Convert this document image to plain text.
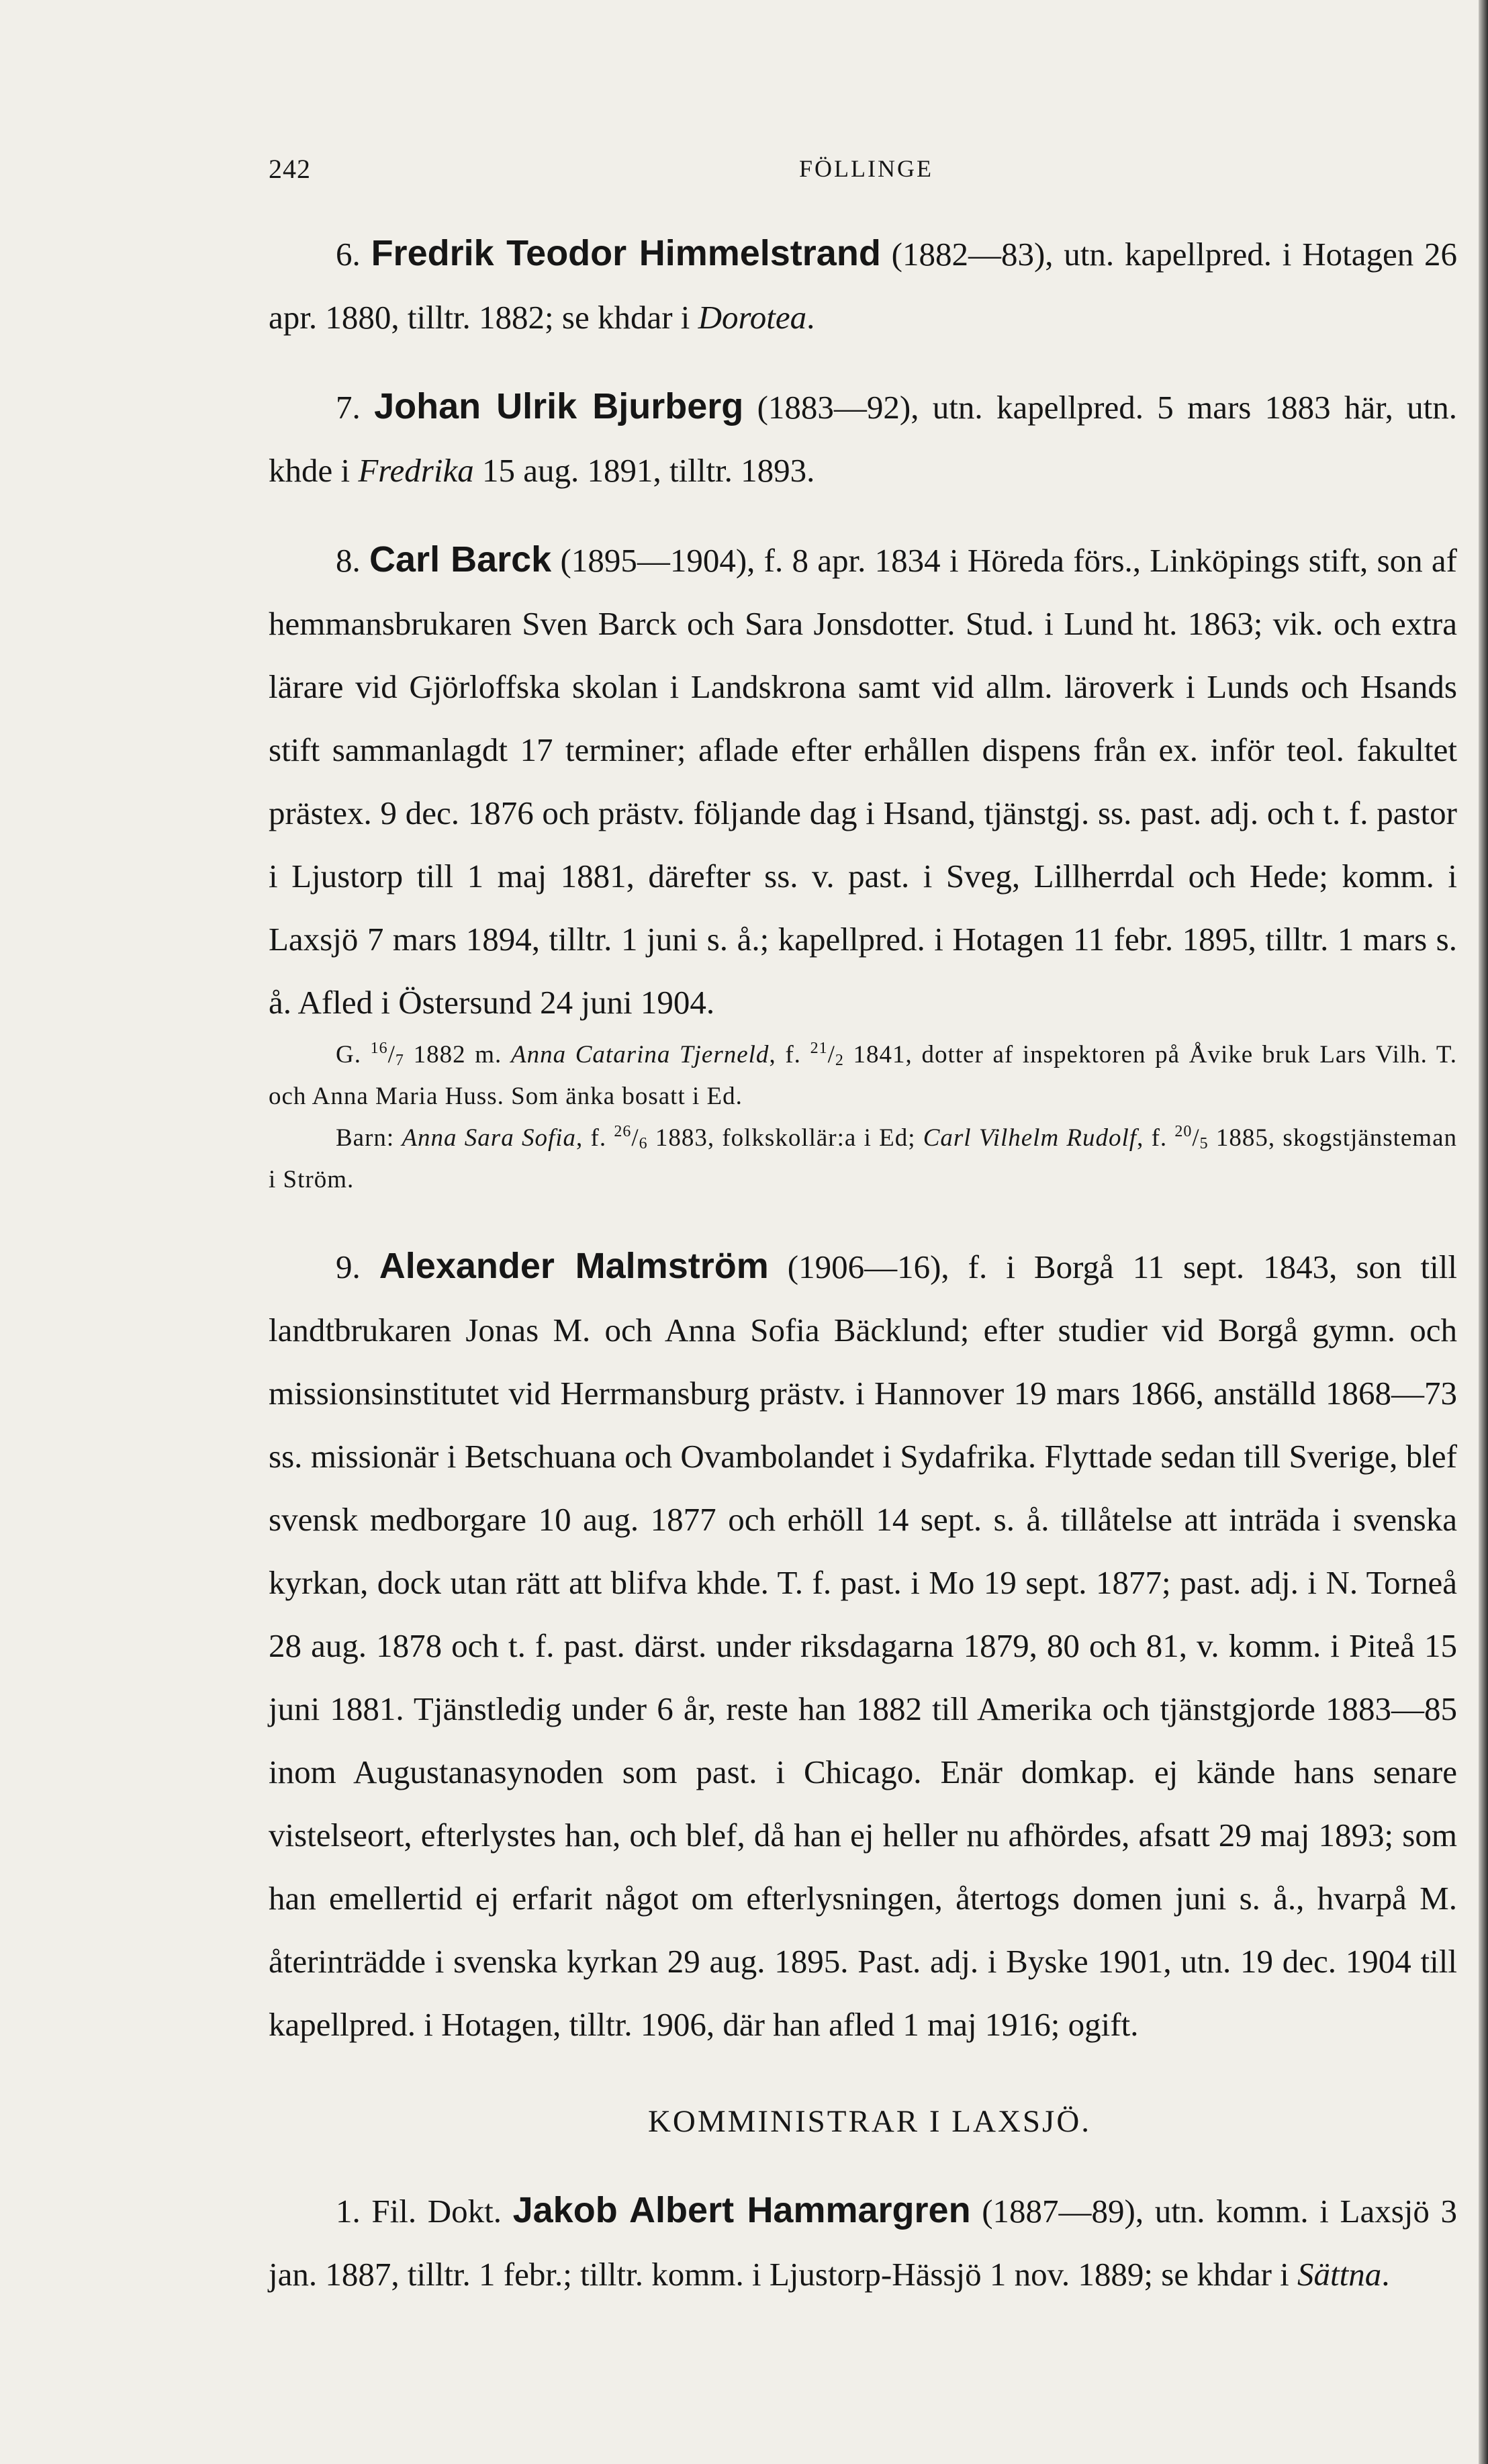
242	FÖLLINGE

6. Fredrik Teodor Himmelstrand (1882—83), utn. kapellpred. i Hotagen 26 apr. 1880, tilltr. 1882; se khdar i Dorotea.

7. Johan Ulrik Bjurberg (1883—92), utn. kapellpred. 5 mars 1883 här, utn. khde i Fredrika 15 aug. 1891, tilltr. 1893.

8. Carl Barck (1895—1904), f. 8 apr. 1834 i Höreda förs., Linköpings stift, son af hemmansbrukaren Sven Barck och Sara Jonsdotter. Stud. i Lund ht. 1863; vik. och extra lärare vid Gjörloffska skolan i Landskrona samt vid allm. läroverk i Lunds och Hsands stift sammanlagdt 17 terminer; aflade efter erhållen dispens från ex. inför teol. fakultet prästex. 9 dec. 1876 och prästv. följande dag i Hsand, tjänstgj. ss. past. adj. och t. f. pastor i Ljustorp till 1 maj 1881, därefter ss. v. past. i Sveg, Lillherrdal och Hede; komm. i Laxsjö 7 mars 1894, tilltr. 1 juni s. å.; kapellpred. i Hotagen 11 febr. 1895, tilltr. 1 mars s. å. Afled i Östersund 24 juni 1904.

G. $^{16}/_7$ 1882 m. Anna Catarina Tjerneld, f. $^{21}/_2$ 1841, dotter af inspektoren på Åvike bruk Lars Vilh. T. och Anna Maria Huss. Som änka bosatt i Ed.

Barn: Anna Sara Sofia, f. $^{26}/_6$ 1883, folkskollär:a i Ed; Carl Vilhelm Rudolf, f. $^{20}/_5$ 1885, skogstjänsteman i Ström.

9. Alexander Malmström (1906—16), f. i Borgå 11 sept. 1843, son till landtbrukaren Jonas M. och Anna Sofia Bäcklund; efter studier vid Borgå gymn. och missionsinstitutet vid Herrmansburg prästv. i Hannover 19 mars 1866, anställd 1868—73 ss. missionär i Betschuana och Ovambolandet i Sydafrika. Flyttade sedan till Sverige, blef svensk medborgare 10 aug. 1877 och erhöll 14 sept. s. å. tillåtelse att inträda i svenska kyrkan, dock utan rätt att blifva khde. T. f. past. i Mo 19 sept. 1877; past. adj. i N. Torneå 28 aug. 1878 och t. f. past. därst. under riksdagarna 1879, 80 och 81, v. komm. i Piteå 15 juni 1881. Tjänstledig under 6 år, reste han 1882 till Amerika och tjänstgjorde 1883—85 inom Augustanasynoden som past. i Chicago. Enär domkap. ej kände hans senare vistelseort, efterlystes han, och blef, då han ej heller nu afhördes, afsatt 29 maj 1893; som han emellertid ej erfarit något om efterlysningen, återtogs domen juni s. å., hvarpå M. återinträdde i svenska kyrkan 29 aug. 1895. Past. adj. i Byske 1901, utn. 19 dec. 1904 till kapellpred. i Hotagen, tilltr. 1906, där han afled 1 maj 1916; ogift.

KOMMINISTRAR I LAXSJÖ.

1. Fil. Dokt. Jakob Albert Hammargren (1887—89), utn. komm. i Laxsjö 3 jan. 1887, tilltr. 1 febr.; tilltr. komm. i Ljustorp-Hässjö 1 nov. 1889; se khdar i Sättna.
